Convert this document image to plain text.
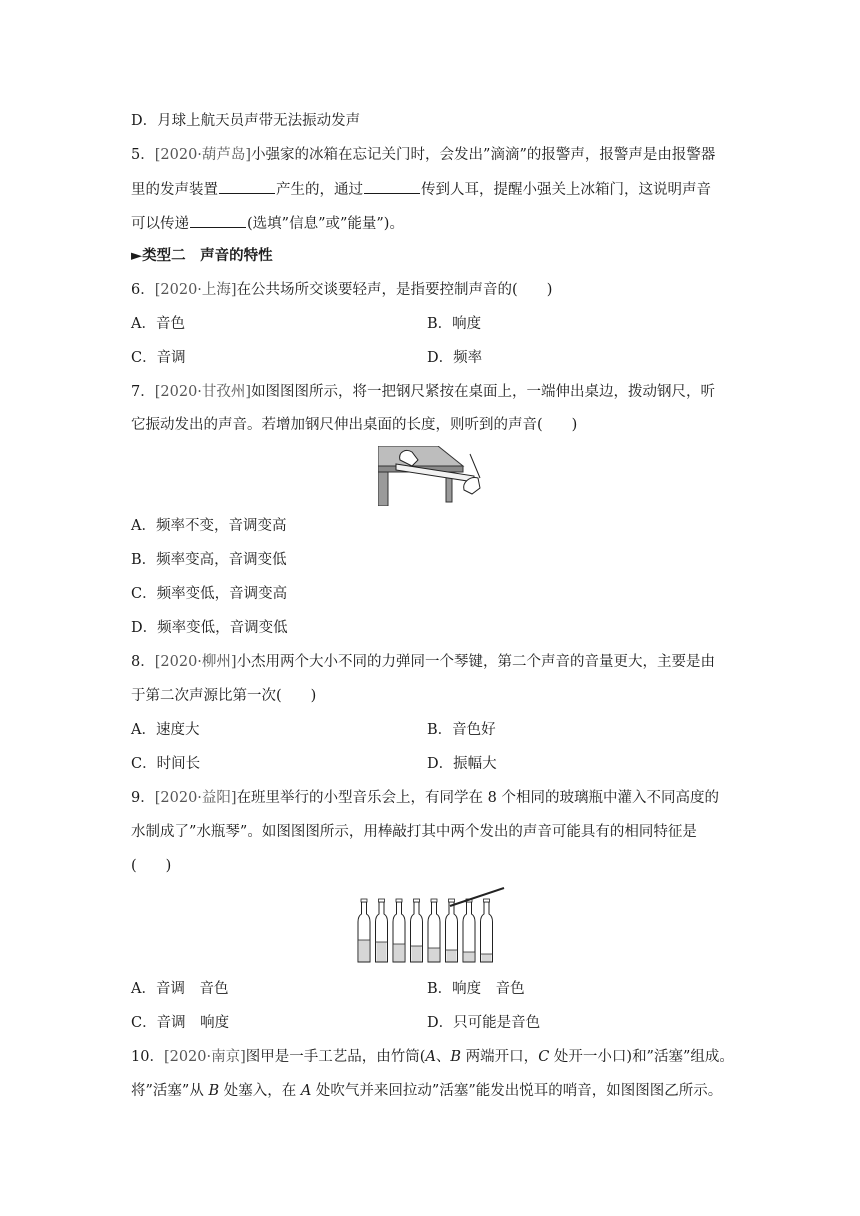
D．月球上航天员声带无法振动发声
5．[2020·葫芦岛]小强家的冰箱在忘记关门时，会发出”滴滴”的报警声，报警声是由报警器
里的发声装置	产生的，通过	传到人耳，提醒小强关上冰箱门，这说明声音
可以传递	(选填”信息”或”能量”)。
►类型二　声音的特性
6．[2020·上海]在公共场所交谈要轻声，是指要控制声音的(　　)
A．音色	B．响度
C．音调	D．频率
7．[2020·甘孜州]如图图图所示，将一把钢尺紧按在桌面上，一端伸出桌边，拨动钢尺，听
它振动发出的声音。若增加钢尺伸出桌面的长度，则听到的声音(　　)
A．频率不变，音调变高
B．频率变高，音调变低
C．频率变低，音调变高
D．频率变低，音调变低
8．[2020·柳州]小杰用两个大小不同的力弹同一个琴键，第二个声音的音量更大，主要是由
于第二次声源比第一次(　　)
A．速度大	B．音色好
C．时间长	D．振幅大
9．[2020·益阳]在班里举行的小型音乐会上，有同学在 8 个相同的玻璃瓶中灌入不同高度的
水制成了”水瓶琴”。如图图图所示，用棒敲打其中两个发出的声音可能具有的相同特征是
(　　)
A．音调　音色	B．响度　音色
C．音调　响度	D．只可能是音色
10．[2020·南京]图甲是一手工艺品，由竹筒(A、B 两端开口，C 处开一小口)和”活塞”组成。
将”活塞”从 B 处塞入，在 A 处吹气并来回拉动”活塞”能发出悦耳的哨音，如图图图乙所示。
